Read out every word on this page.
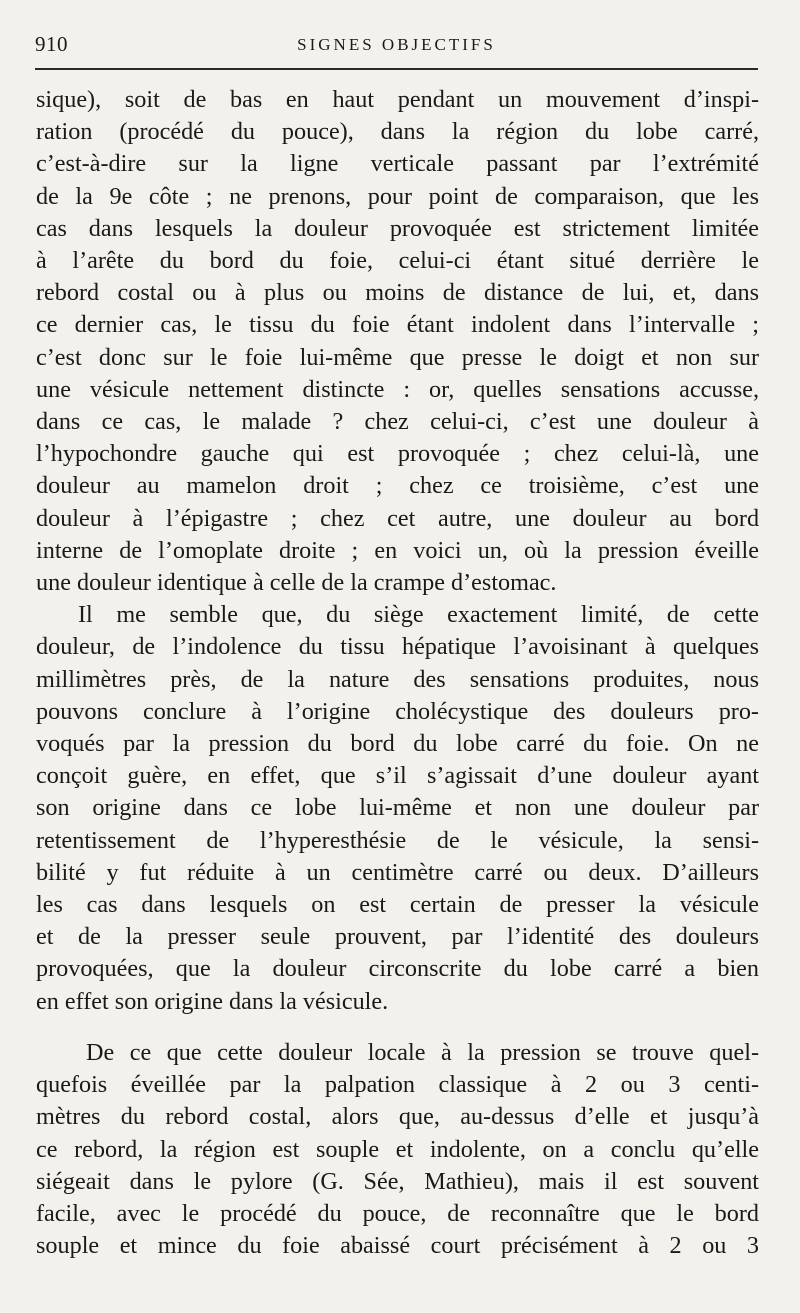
910	SIGNES OBJECTIFS

sique), soit de bas en haut pendant un mouvement d’inspi-
ration (procédé du pouce), dans la région du lobe carré,
c’est-à-dire sur la ligne verticale passant par l’extrémité
de la 9e côte ; ne prenons, pour point de comparaison, que les
cas dans lesquels la douleur provoquée est strictement limitée
à l’arête du bord du foie, celui-ci étant situé derrière le
rebord costal ou à plus ou moins de distance de lui, et, dans
ce dernier cas, le tissu du foie étant indolent dans l’intervalle ;
c’est donc sur le foie lui-même que presse le doigt et non sur
une vésicule nettement distincte : or, quelles sensations accusse,
dans ce cas, le malade ? chez celui-ci, c’est une douleur à
l’hypochondre gauche qui est provoquée ; chez celui-là, une
douleur au mamelon droit ; chez ce troisième, c’est une
douleur à l’épigastre ; chez cet autre, une douleur au bord
interne de l’omoplate droite ; en voici un, où la pression éveille
une douleur identique à celle de la crampe d’estomac.

Il me semble que, du siège exactement limité, de cette
douleur, de l’indolence du tissu hépatique l’avoisinant à quelques
millimètres près, de la nature des sensations produites, nous
pouvons conclure à l’origine cholécystique des douleurs pro-
voqués par la pression du bord du lobe carré du foie. On ne
conçoit guère, en effet, que s’il s’agissait d’une douleur ayant
son origine dans ce lobe lui-même et non une douleur par
retentissement de l’hyperesthésie de le vésicule, la sensi-
bilité y fut réduite à un centimètre carré ou deux. D’ailleurs
les cas dans lesquels on est certain de presser la vésicule
et de la presser seule prouvent, par l’identité des douleurs
provoquées, que la douleur circonscrite du lobe carré a bien
en effet son origine dans la vésicule.

De ce que cette douleur locale à la pression se trouve quel-
quefois éveillée par la palpation classique à 2 ou 3 centi-
mètres du rebord costal, alors que, au-dessus d’elle et jusqu’à
ce rebord, la région est souple et indolente, on a conclu qu’elle
siégeait dans le pylore (G. Sée, Mathieu), mais il est souvent
facile, avec le procédé du pouce, de reconnaître que le bord
souple et mince du foie abaissé court précisément à 2 ou 3
